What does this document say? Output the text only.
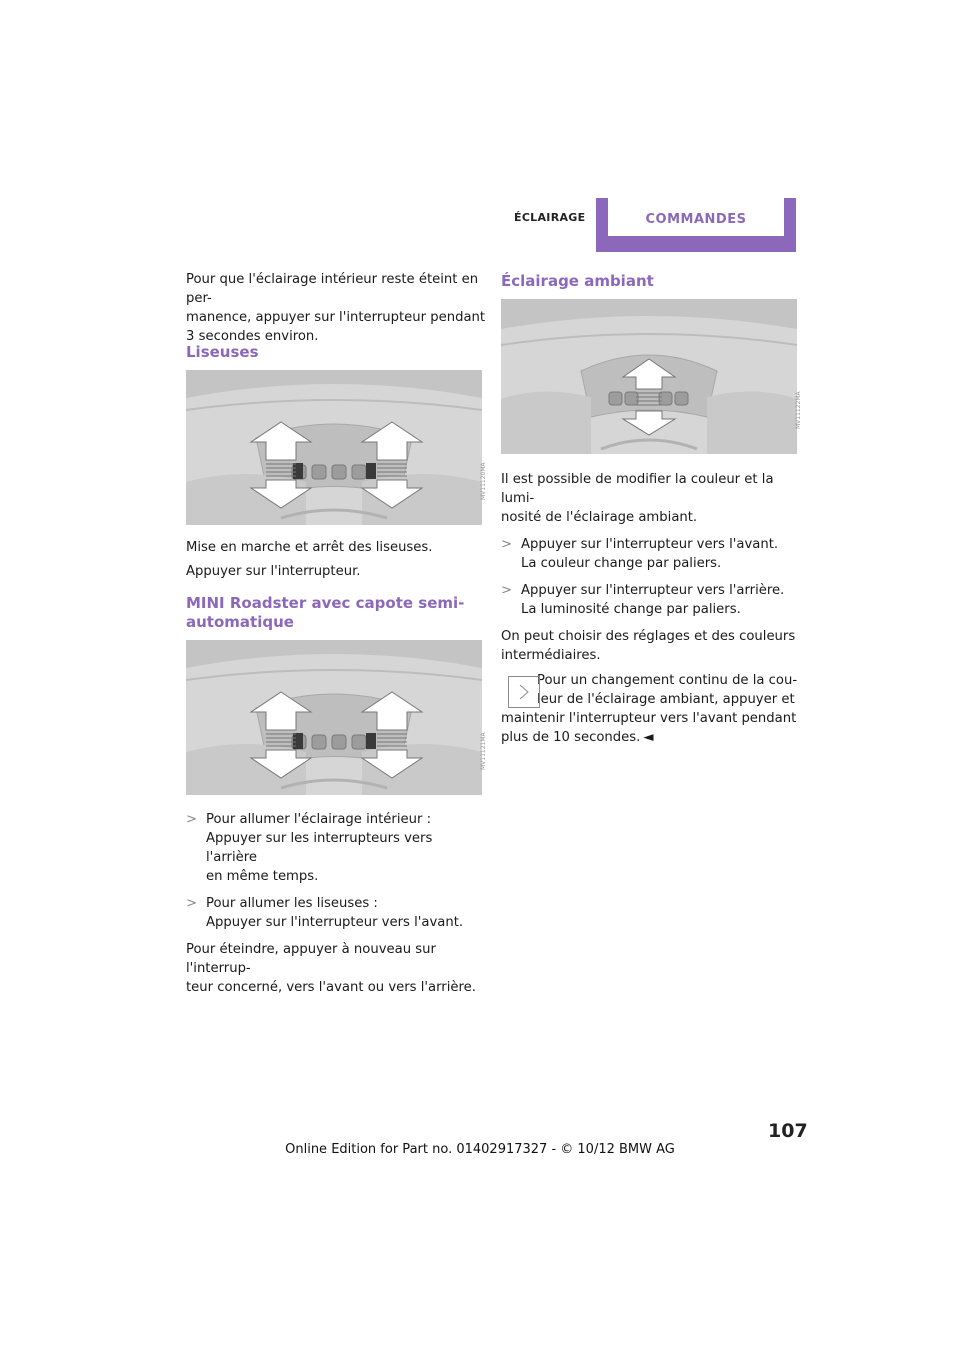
ÉCLAIRAGE	COMMANDES
Pour que l'éclairage intérieur reste éteint en per-
manence, appuyer sur l'interrupteur pendant
3 secondes environ.
Liseuses
MV11120MA

Mise en marche et arrêt des liseuses.

Appuyer sur l'interrupteur.

MINI Roadster avec capote semi-
automatique
MV11121MA
> Pour allumer l'éclairage intérieur :
Appuyer sur les interrupteurs vers l'arrière
en même temps.
> Pour allumer les liseuses :
Appuyer sur l'interrupteur vers l'avant.
Pour éteindre, appuyer à nouveau sur l'interrup-
teur concerné, vers l'avant ou vers l'arrière.
Éclairage ambiant
MV11122MA
Il est possible de modifier la couleur et la lumi-
nosité de l'éclairage ambiant.
> Appuyer sur l'interrupteur vers l'avant.
La couleur change par paliers.
> Appuyer sur l'interrupteur vers l'arrière.
La luminosité change par paliers.
On peut choisir des réglages et des couleurs
intermédiaires.
Pour un changement continu de la cou-
leur de l'éclairage ambiant, appuyer et
maintenir l'interrupteur vers l'avant pendant
plus de 10 secondes. ◄
107
Online Edition for Part no. 01402917327 - © 10/12 BMW AG
